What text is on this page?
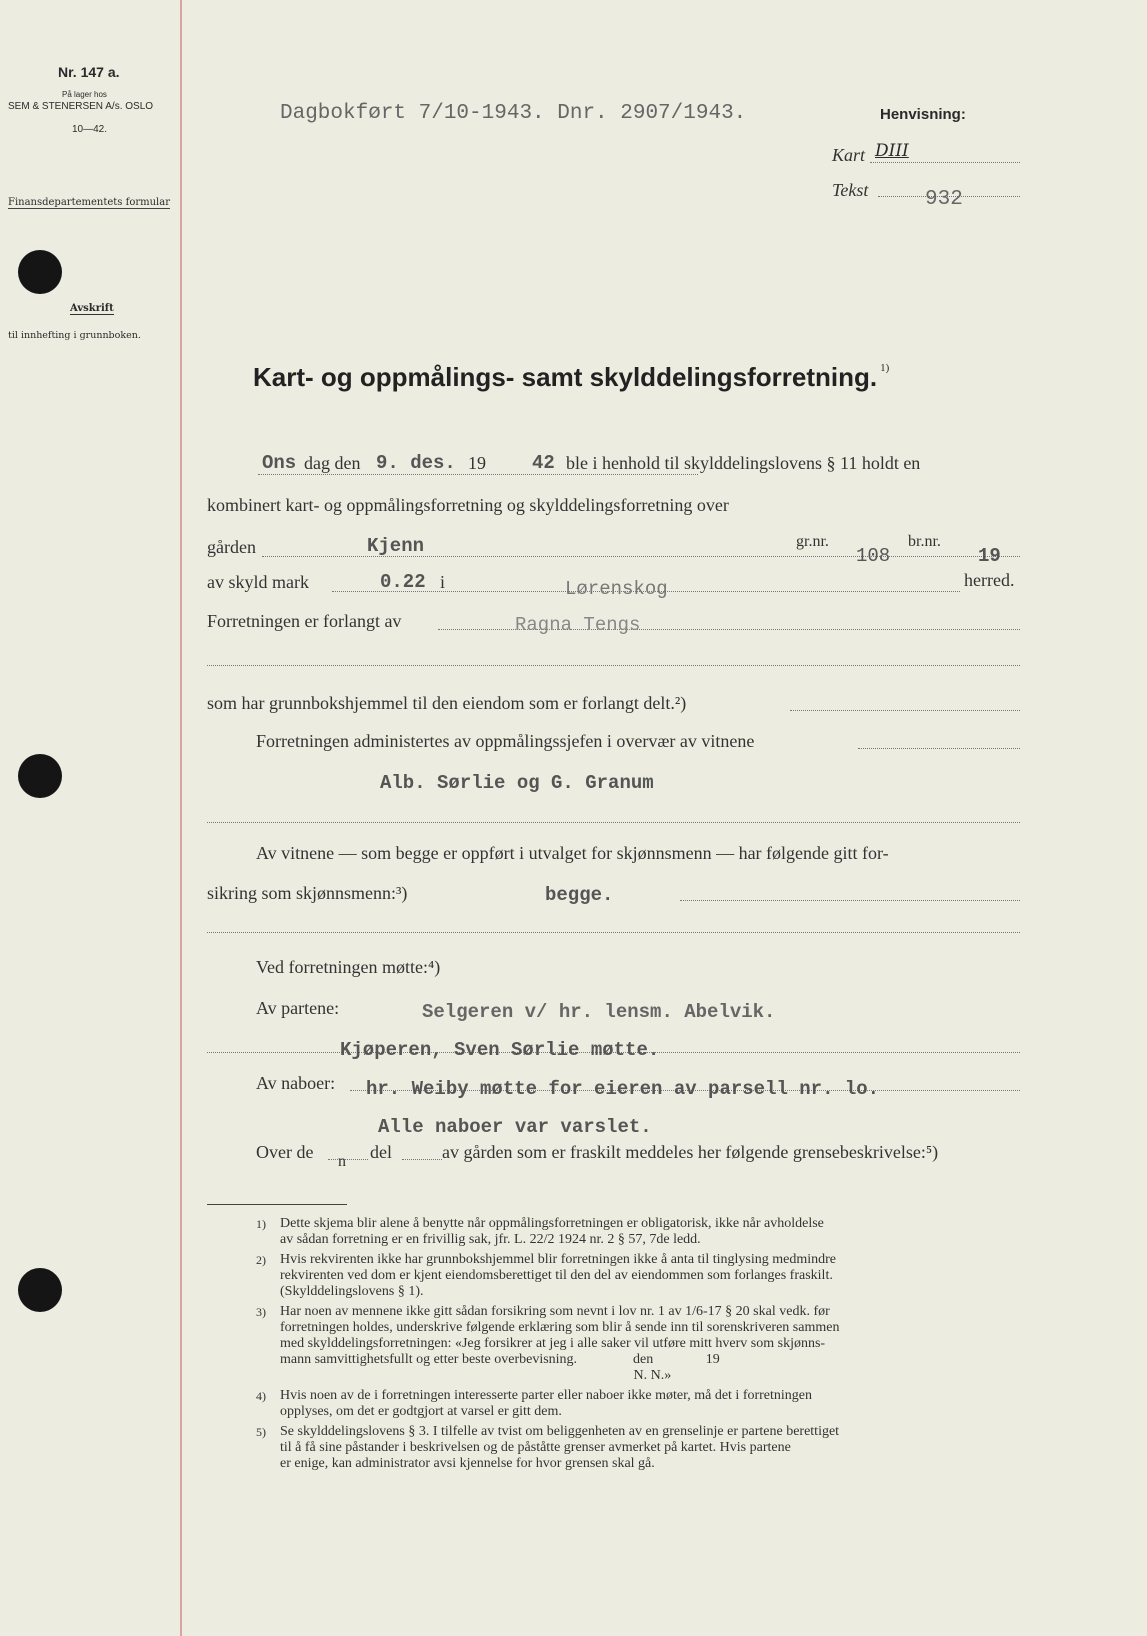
Nr. 147 a.
På lager hos
SEM & STENERSEN A/s. OSLO
10—42.
Finansdepartementets formular
Avskrift
til innhefting i grunnboken.
Dagbokført 7/10-1943. Dnr. 2907/1943.	Henvisning:
Kart DIII
Tekst	932
Kart- og oppmålings- samt skylddelingsforretning. 1)
Ons dag den 9. des. 19 42 ble i henhold til skylddelingslovens § 11 holdt en
kombinert kart- og oppmålingsforretning og skylddelingsforretning over
gården	Kjenn	gr.nr.
108
br.nr.
19
av skyld mark	0.22 i	Lørenskog	herred.
Forretningen er forlangt av	Ragna Tengs
som har grunnbokshjemmel til den eiendom som er forlangt delt.²)
Forretningen administertes av oppmålingssjefen i overvær av vitnene
Alb. Sørlie og G. Granum
Av vitnene — som begge er oppført i utvalget for skjønnsmenn — har følgende gitt for-
sikring som skjønnsmenn:³)	begge.
Ved forretningen møtte:⁴)
Av partene:	Selgeren v/ hr. lensm. Abelvik.
Kjøperen, Sven Sørlie møtte.
Av naboer: hr. Weiby møtte for eieren av parsell nr. lo.
Alle naboer var varslet.
Over de n del	av gården som er fraskilt meddeles her følgende grensebeskrivelse:⁵)
1) Dette skjema blir alene å benytte når oppmålingsforretningen er obligatorisk, ikke når avholdelse
av sådan forretning er en frivillig sak, jfr. L. 22/2 1924 nr. 2 § 57, 7de ledd.
2) Hvis rekvirenten ikke har grunnbokshjemmel blir forretningen ikke å anta til tinglysing medmindre
rekvirenten ved dom er kjent eiendomsberettiget til den del av eiendommen som forlanges fraskilt.
(Skylddelingslovens § 1).
3) Har noen av mennene ikke gitt sådan forsikring som nevnt i lov nr. 1 av 1/6-17 § 20 skal vedk. før
forretningen holdes, underskrive følgende erklæring som blir å sende inn til sorenskriveren sammen
med skylddelingsforretningen: «Jeg forsikrer at jeg i alle saker vil utføre mitt hverv som skjønns-
mann samvittighetsfullt og etter beste overbevisning.                den               19
N. N.»
4) Hvis noen av de i forretningen interesserte parter eller naboer ikke møter, må det i forretningen
opplyses, om det er godtgjort at varsel er gitt dem.
5) Se skylddelingslovens § 3. I tilfelle av tvist om beliggenheten av en grenselinje er partene berettiget
til å få sine påstander i beskrivelsen og de påståtte grenser avmerket på kartet. Hvis partene
er enige, kan administrator avsi kjennelse for hvor grensen skal gå.
